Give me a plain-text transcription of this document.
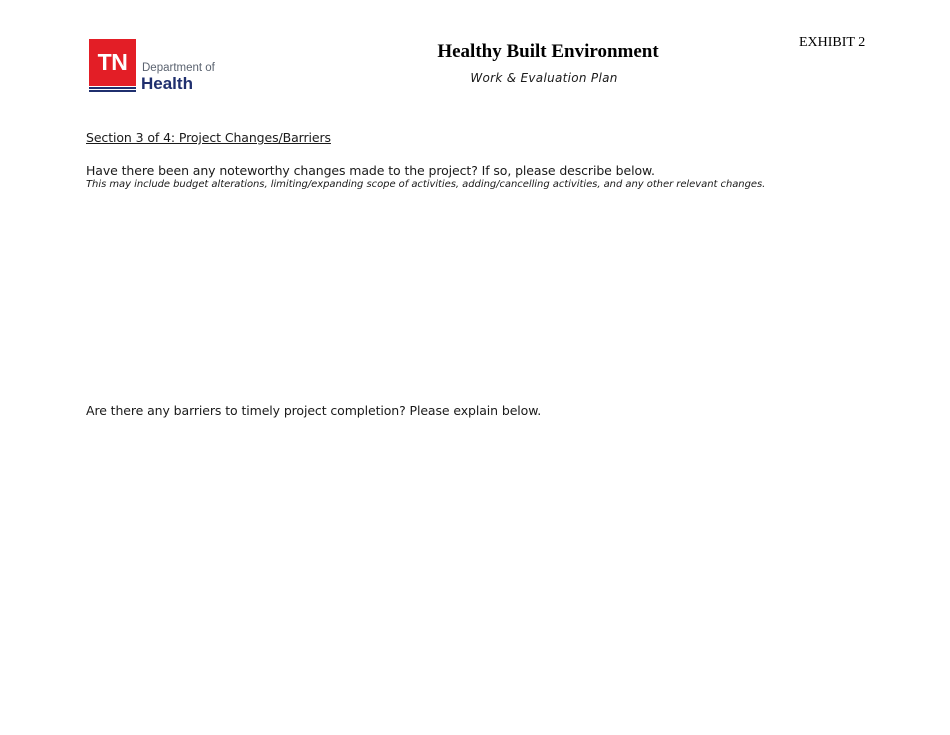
TN	Department of
Health
Healthy Built Environment
Work & Evaluation Plan
EXHIBIT 2
Section 3 of 4: Project Changes/Barriers
Have there been any noteworthy changes made to the project? If so, please describe below.
This may include budget alterations, limiting/expanding scope of activities, adding/cancelling activities, and any other relevant changes.
Are there any barriers to timely project completion? Please explain below.
